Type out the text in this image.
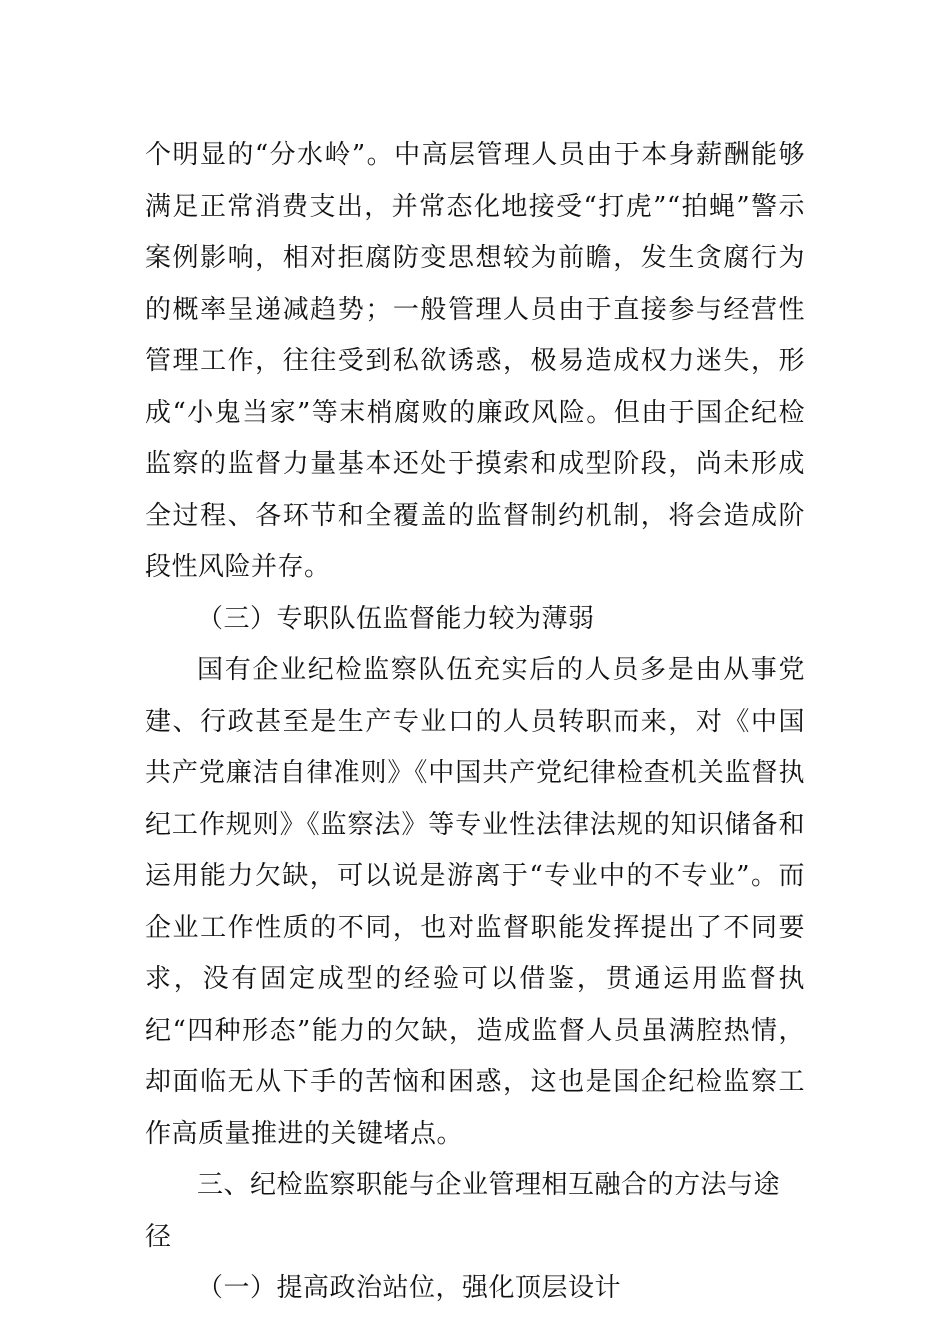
个明显的“分水岭”。中高层管理人员由于本身薪酬能够满足正常消费支出，并常态化地接受“打虎”“拍蝇”警示案例影响，相对拒腐防变思想较为前瞻，发生贪腐行为的概率呈递减趋势；一般管理人员由于直接参与经营性管理工作，往往受到私欲诱惑，极易造成权力迷失，形成“小鬼当家”等末梢腐败的廉政风险。但由于国企纪检监察的监督力量基本还处于摸索和成型阶段，尚未形成全过程、各环节和全覆盖的监督制约机制，将会造成阶段性风险并存。

（三）专职队伍监督能力较为薄弱

国有企业纪检监察队伍充实后的人员多是由从事党建、行政甚至是生产专业口的人员转职而来，对《中国共产党廉洁自律准则》《中国共产党纪律检查机关监督执纪工作规则》《监察法》等专业性法律法规的知识储备和运用能力欠缺，可以说是游离于“专业中的不专业”。而企业工作性质的不同，也对监督职能发挥提出了不同要求，没有固定成型的经验可以借鉴，贯通运用监督执纪“四种形态”能力的欠缺，造成监督人员虽满腔热情，却面临无从下手的苦恼和困惑，这也是国企纪检监察工作高质量推进的关键堵点。

三、纪检监察职能与企业管理相互融合的方法与途径

（一）提高政治站位，强化顶层设计
